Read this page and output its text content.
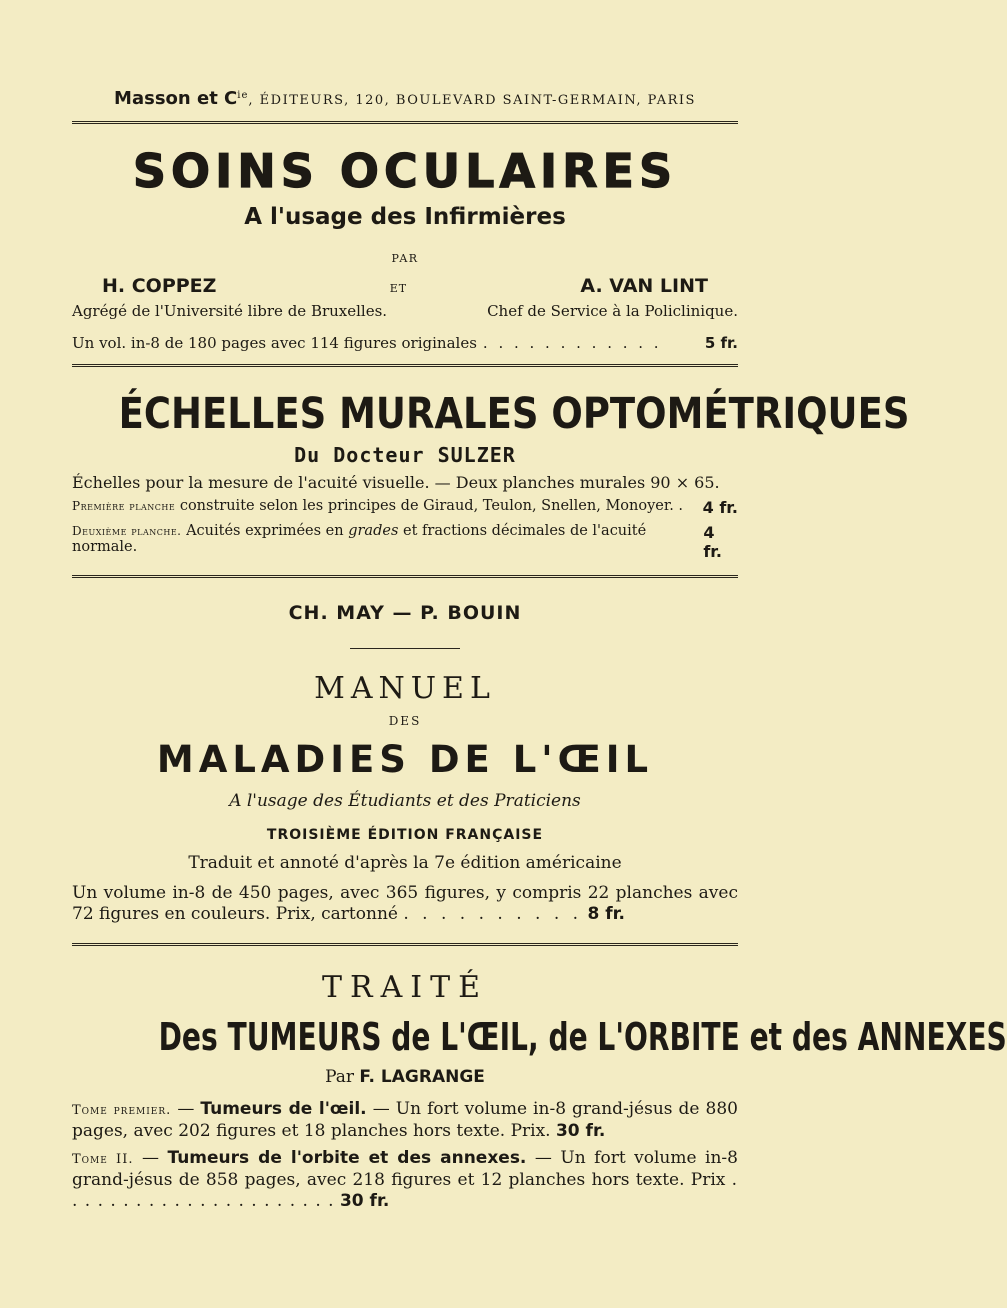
Masson et $C^{ie}$, ÉDITEURS, 120, BOULEVARD SAINT-GERMAIN, PARIS
SOINS OCULAIRES
A l'usage des Infirmières
PAR
H. COPPEZ	ET	A. VAN LINT
Agrégé de l'Université libre de Bruxelles.	Chef de Service à la Policlinique.
Un vol. in-8 de 180 pages avec 114 figures originales . . . . . . . . . . . .	5 fr.
ÉCHELLES MURALES OPTOMÉTRIQUES
Du Docteur SULZER
Échelles pour la mesure de l'acuité visuelle. — Deux planches murales 90 × 65.
Première planche construite selon les principes de Giraud, Teulon, Snellen, Monoyer. . 4 fr.
Deuxième planche. Acuités exprimées en grades et fractions décimales de l'acuité normale.
4 fr.
CH. MAY — P. BOUIN
MANUEL
DES
MALADIES DE L'ŒIL
A l'usage des Étudiants et des Praticiens
TROISIÈME ÉDITION FRANÇAISE
Traduit et annoté d'après la 7e édition américaine
Un volume in-8 de 450 pages, avec 365 figures, y compris 22 planches avec 72 figures en couleurs. Prix, cartonné . . . . . . . . . . 8 fr.
TRAITÉ
Des TUMEURS de L'ŒIL, de L'ORBITE et des ANNEXES
Par F. LAGRANGE
Tome premier. — Tumeurs de l'œil. — Un fort volume in-8 grand-jésus de 880 pages, avec 202 figures et 18 planches hors texte. Prix. 30 fr.
Tome II. — Tumeurs de l'orbite et des annexes. — Un fort volume in-8 grand-jésus de 858 pages, avec 218 figures et 12 planches hors texte. Prix . . . . . . . . . . . . . . . . . . . . . . 30 fr.
